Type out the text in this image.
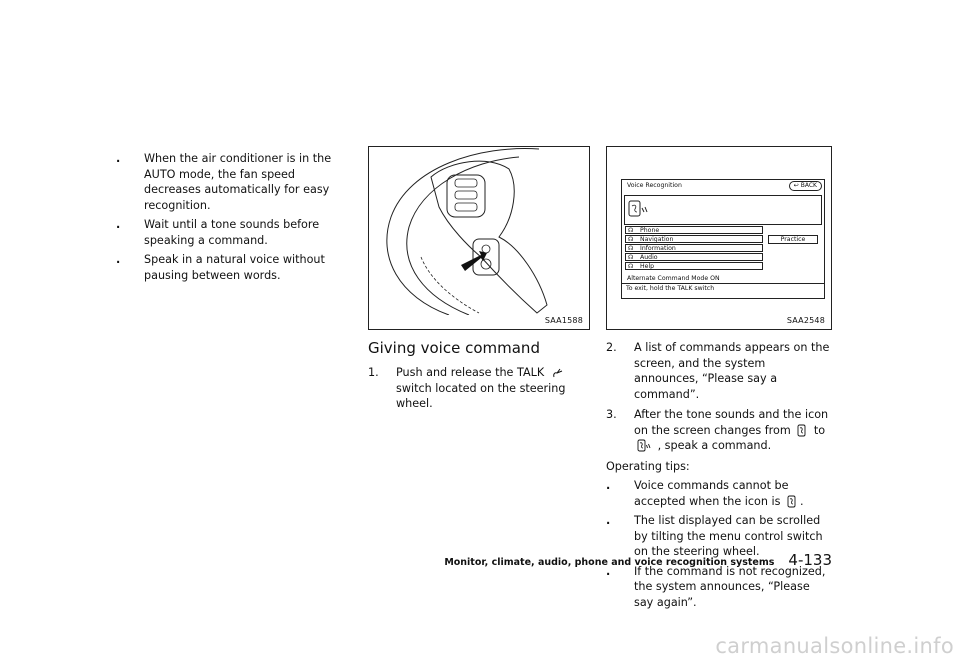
. When the air conditioner is in the AUTO mode, the fan speed decreases automatically for easy recognition.
. Wait until a tone sounds before speaking a command.
. Speak in a natural voice without pausing between words.
SAA1588
Voice Recognition	↩ BACK
☊ Phone
☊ Navigation
☊ Information
☊ Audio
☊ Help
Practice
Alternate Command Mode ON
To exit, hold the TALK switch
SAA2548
Giving voice command
1. Push and release the TALK  switch located on the steering wheel.
2. A list of commands appears on the screen, and the system announces, “Please say a command”.
3. After the tone sounds and the icon on the screen changes from to  , speak a command.
Operating tips:
. Voice commands cannot be accepted when the icon is .
. The list displayed can be scrolled by tilting the menu control switch on the steering wheel.
. If the command is not recognized, the system announces, “Please say again”.
Monitor, climate, audio, phone and voice recognition systems 4-133
carmanualsonline.info
